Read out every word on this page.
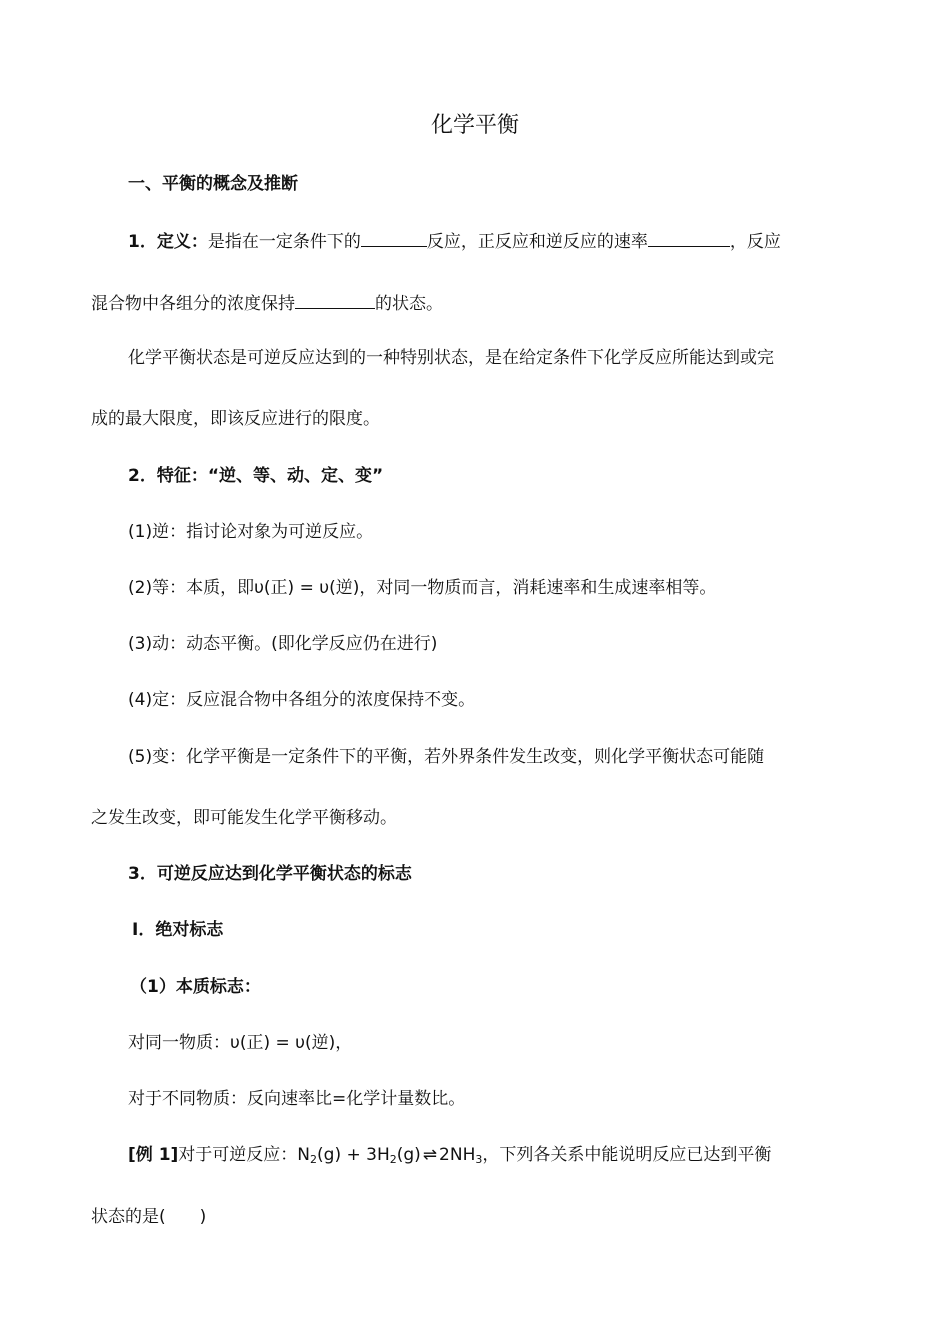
化学平衡
一、平衡的概念及推断
1．定义：是指在一定条件下的	反应，正反应和逆反应的速率	，反应
混合物中各组分的浓度保持	的状态。
化学平衡状态是可逆反应达到的一种特别状态，是在给定条件下化学反应所能达到或完
成的最大限度，即该反应进行的限度。
2．特征：“逆、等、动、定、变”
(1)逆：指讨论对象为可逆反应。
(2)等：本质，即υ(正) = υ(逆)，对同一物质而言，消耗速率和生成速率相等。
(3)动：动态平衡。(即化学反应仍在进行)
(4)定：反应混合物中各组分的浓度保持不变。
(5)变：化学平衡是一定条件下的平衡，若外界条件发生改变，则化学平衡状态可能随
之发生改变，即可能发生化学平衡移动。
3．可逆反应达到化学平衡状态的标志
Ⅰ．绝对标志
（1）本质标志：
对同一物质：υ(正) = υ(逆)，
对于不同物质：反向速率比=化学计量数比。
[例 1]对于可逆反应：$N_2(g) + 3H_2(g)$ ⇌ $2NH_3$，下列各关系中能说明反应已达到平衡
状态的是(　　)
